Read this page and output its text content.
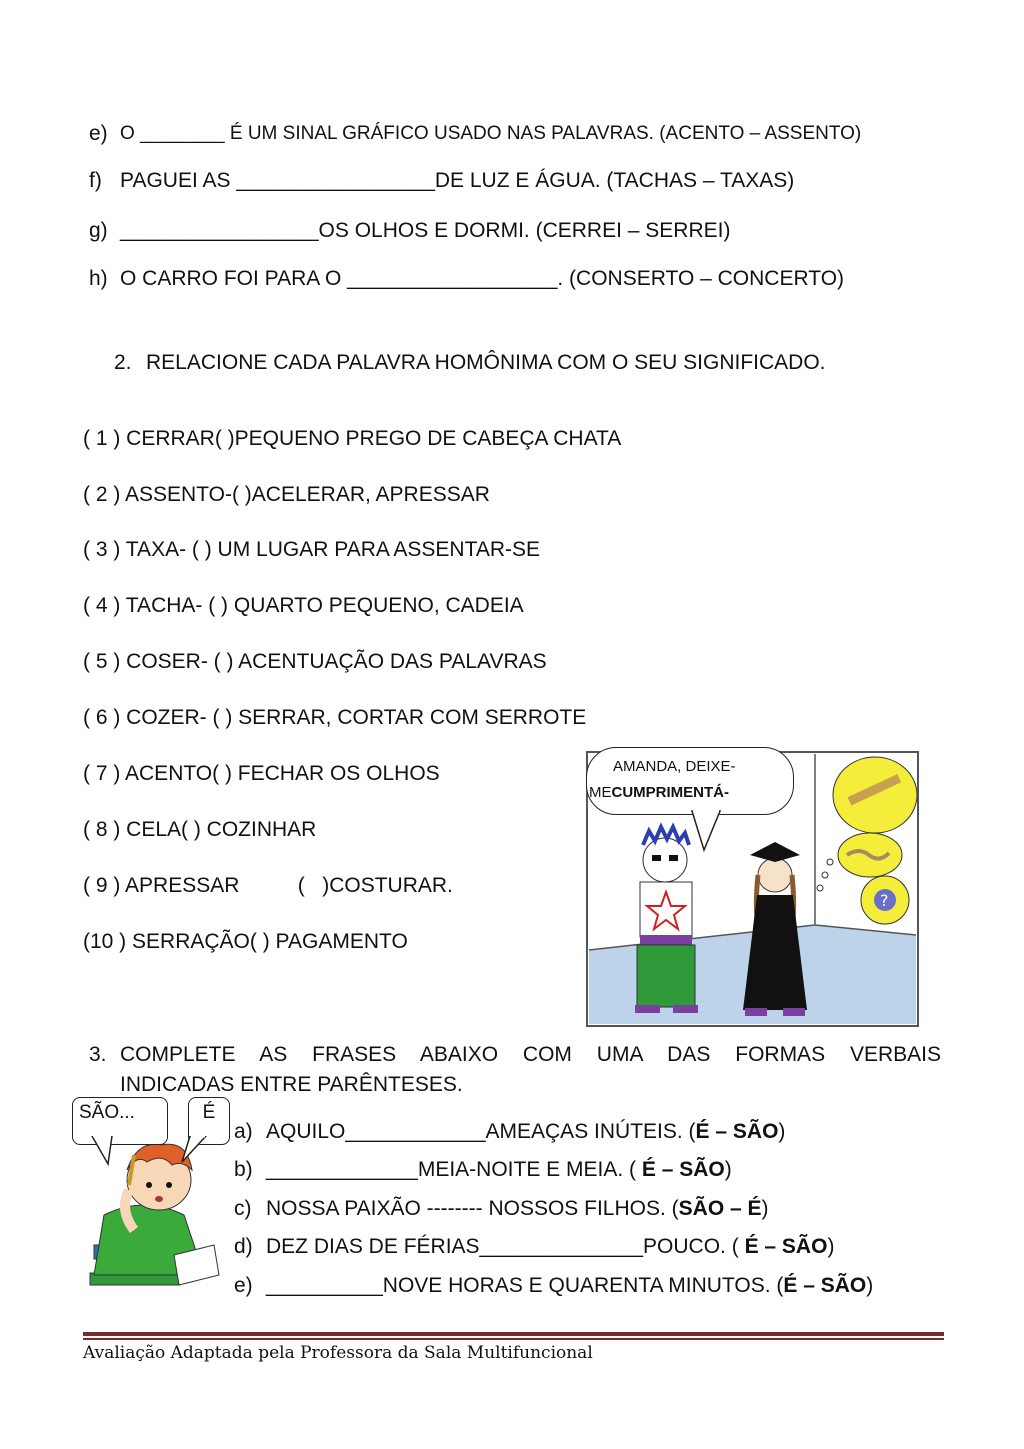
e) O ________ É UM SINAL GRÁFICO USADO NAS PALAVRAS. (ACENTO – ASSENTO)
f) PAGUEI AS _________________DE LUZ E ÁGUA. (TACHAS – TAXAS)
g) _________________OS OLHOS E DORMI. (CERREI – SERREI)
h) O CARRO FOI PARA O __________________. (CONSERTO – CONCERTO)
2. RELACIONE CADA PALAVRA HOMÔNIMA COM O SEU SIGNIFICADO.
( 1 ) CERRAR( )PEQUENO PREGO DE CABEÇA CHATA
( 2 ) ASSENTO-( )ACELERAR, APRESSAR
( 3 ) TAXA- ( ) UM LUGAR PARA ASSENTAR-SE
( 4 ) TACHA- ( ) QUARTO PEQUENO, CADEIA
( 5 ) COSER- ( ) ACENTUAÇÃO DAS PALAVRAS
( 6 ) COZER- ( ) SERRAR, CORTAR COM SERROTE
( 7 ) ACENTO( ) FECHAR OS OLHOS
( 8 ) CELA( ) COZINHAR
( 9 ) APRESSAR          (   )COSTURAR.
(10 ) SERRAÇÃO( ) PAGAMENTO
?
AMANDA, DEIXE-
MECUMPRIMENTÁ-
3. COMPLETE AS FRASES ABAIXO COM UMA DAS FORMAS VERBAIS
INDICADAS ENTRE PARÊNTESES.
SÃO...	É
a) AQUILO____________AMEAÇAS INÚTEIS. (É – SÃO)
b) _____________MEIA-NOITE E MEIA. ( É – SÃO)
c) NOSSA PAIXÃO -------- NOSSOS FILHOS. (SÃO – É)
d) DEZ DIAS DE FÉRIAS______________POUCO. ( É – SÃO)
e) __________NOVE HORAS E QUARENTA MINUTOS. (É – SÃO)
Avaliação Adaptada pela Professora da Sala Multifuncional
